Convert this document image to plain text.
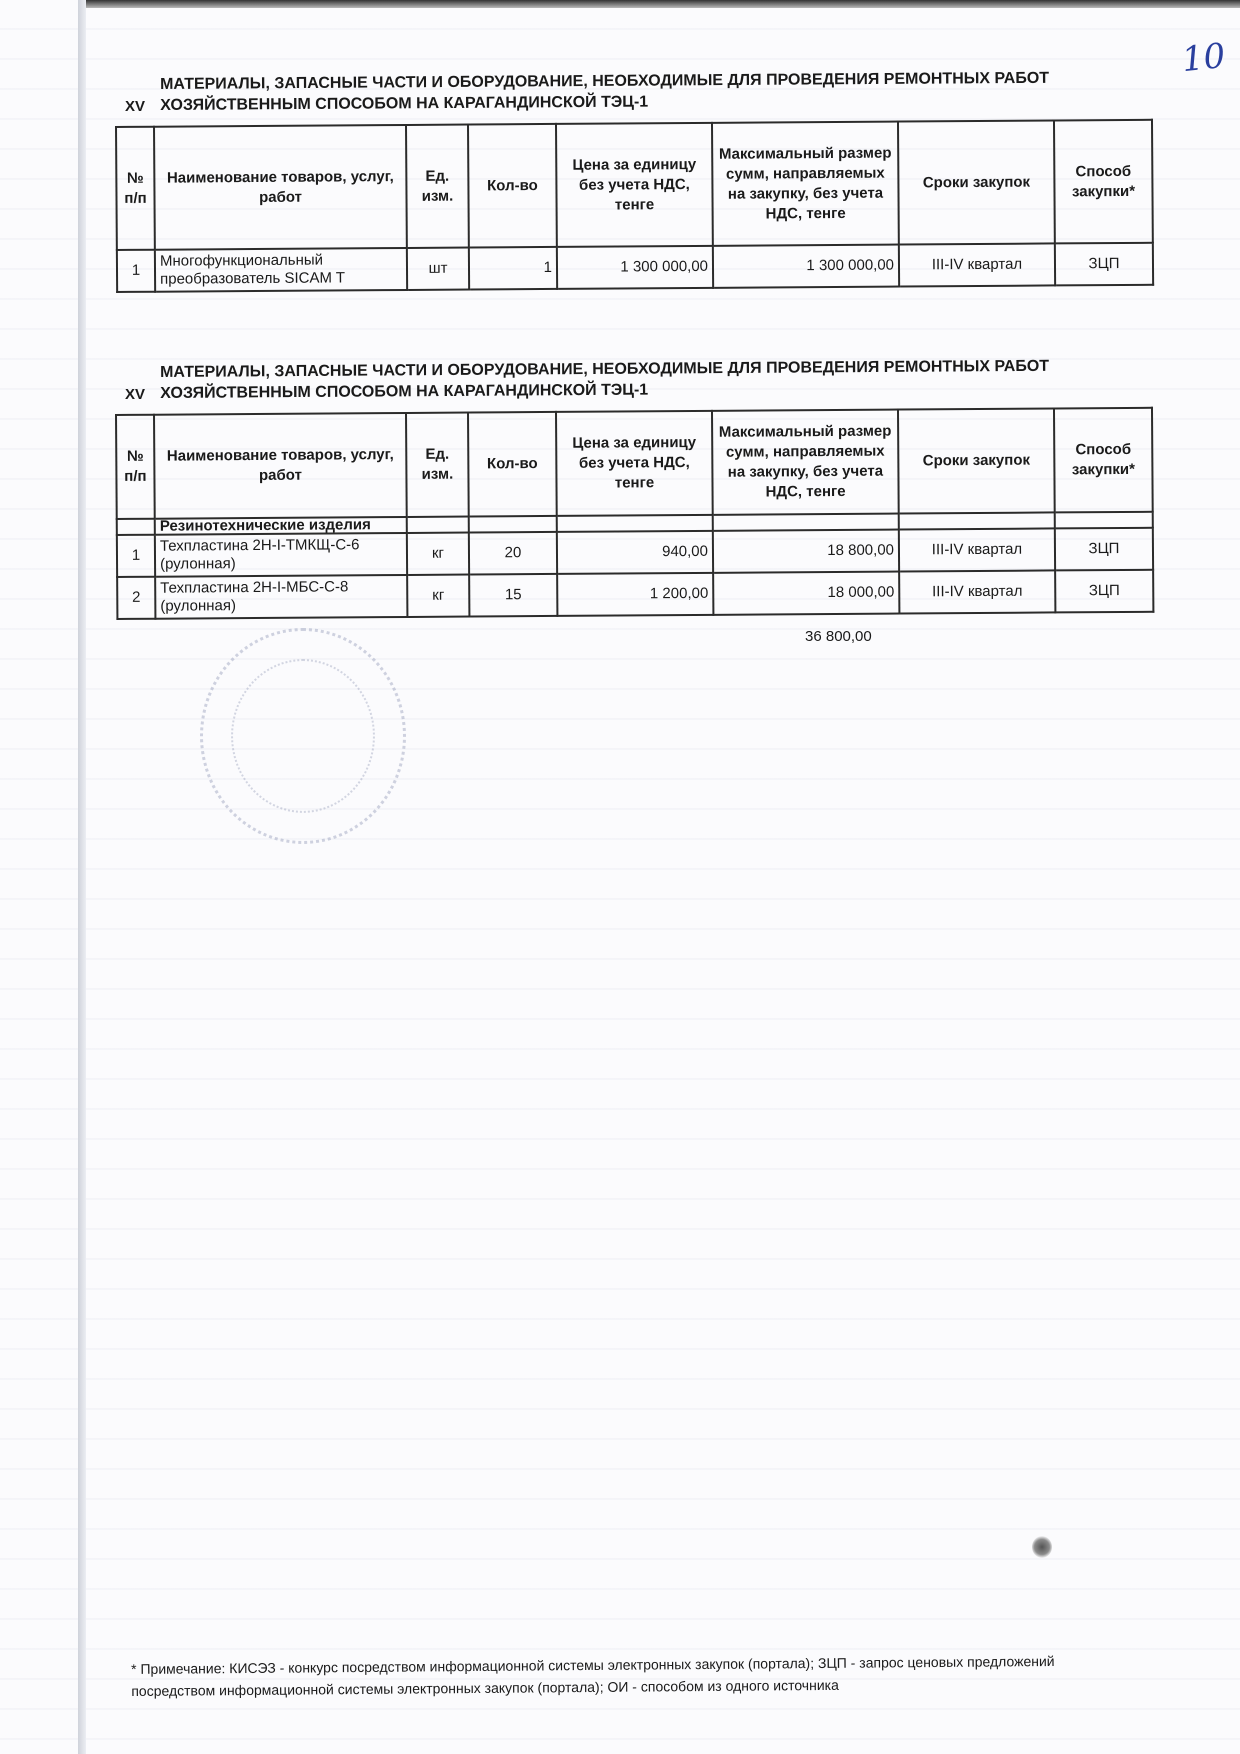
10
XV
МАТЕРИАЛЫ, ЗАПАСНЫЕ ЧАСТИ И ОБОРУДОВАНИЕ, НЕОБХОДИМЫЕ ДЛЯ ПРОВЕДЕНИЯ РЕМОНТНЫХ РАБОТ ХОЗЯЙСТВЕННЫМ СПОСОБОМ НА КАРАГАНДИНСКОЙ ТЭЦ-1
№ п/п	Наименование товаров, услуг, работ	Ед. изм.	Кол-во	Цена за единицу без учета НДС, тенге	Максимальный размер сумм, направляемых на закупку, без учета НДС, тенге	Сроки закупок	Способ закупки*
1	Многофункциональный преобразователь SICAM T	шт	1	1 300 000,00	1 300 000,00	III-IV квартал	ЗЦП
XV
МАТЕРИАЛЫ, ЗАПАСНЫЕ ЧАСТИ И ОБОРУДОВАНИЕ, НЕОБХОДИМЫЕ ДЛЯ ПРОВЕДЕНИЯ РЕМОНТНЫХ РАБОТ ХОЗЯЙСТВЕННЫМ СПОСОБОМ НА КАРАГАНДИНСКОЙ ТЭЦ-1
№ п/п	Наименование товаров, услуг, работ	Ед. изм.	Кол-во	Цена за единицу без учета НДС, тенге	Максимальный размер сумм, направляемых на закупку, без учета НДС, тенге	Сроки закупок	Способ закупки*
	Резинотехнические изделия						
1	Техпластина 2Н-I-ТМКЩ-С-6 (рулонная)	кг	20	940,00	18 800,00	III-IV квартал	ЗЦП
2	Техпластина 2Н-I-МБС-С-8 (рулонная)	кг	15	1 200,00	18 000,00	III-IV квартал	ЗЦП
36 800,00
* Примечание: КИСЭЗ - конкурс посредством информационной системы электронных закупок (портала); ЗЦП - запрос ценовых предложений посредством информационной системы электронных закупок (портала); ОИ - способом из одного источника
